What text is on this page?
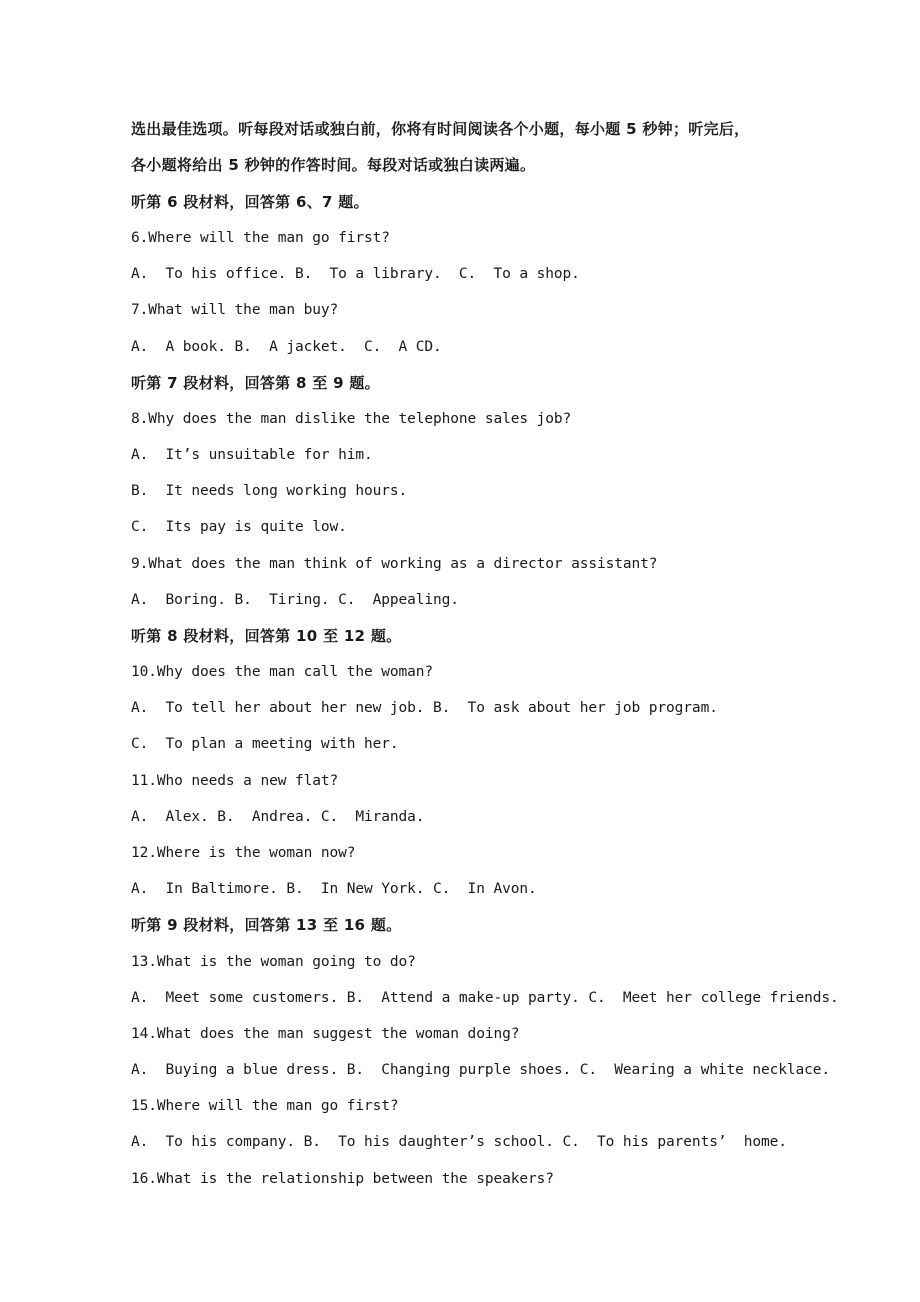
选出最佳选项。听每段对话或独白前，你将有时间阅读各个小题，每小题 5 秒钟；听完后，
各小题将给出 5 秒钟的作答时间。每段对话或独白读两遍。
听第 6 段材料，回答第 6、7 题。
6.Where will the man go first?
A.  To his office. B.  To a library.  C.  To a shop.
7.What will the man buy?
A.  A book. B.  A jacket.  C.  A CD.
听第 7 段材料，回答第 8 至 9 题。
8.Why does the man dislike the telephone sales job?
A.  It’s unsuitable for him.
B.  It needs long working hours.
C.  Its pay is quite low.
9.What does the man think of working as a director assistant?
A.  Boring. B.  Tiring. C.  Appealing.
听第 8 段材料，回答第 10 至 12 题。
10.Why does the man call the woman?
A.  To tell her about her new job. B.  To ask about her job program.
C.  To plan a meeting with her.
11.Who needs a new flat?
A.  Alex. B.  Andrea. C.  Miranda.
12.Where is the woman now?
A.  In Baltimore. B.  In New York. C.  In Avon.
听第 9 段材料，回答第 13 至 16 题。
13.What is the woman going to do?
A.  Meet some customers. B.  Attend a make-up party. C.  Meet her college friends.
14.What does the man suggest the woman doing?
A.  Buying a blue dress. B.  Changing purple shoes. C.  Wearing a white necklace.
15.Where will the man go first?
A.  To his company. B.  To his daughter’s school. C.  To his parents’  home.
16.What is the relationship between the speakers?
